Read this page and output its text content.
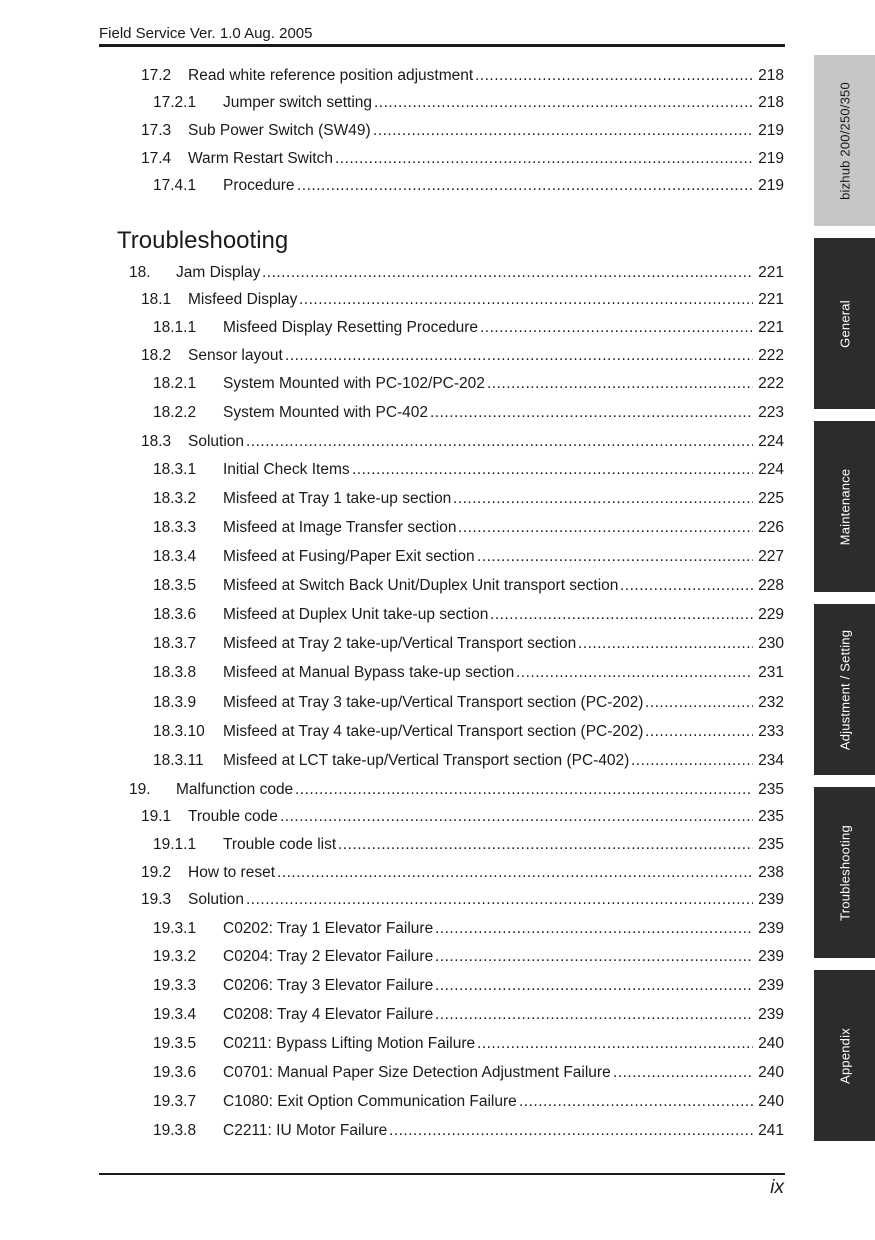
Field Service Ver. 1.0 Aug. 2005
17.2 Read white reference position adjustment .....	218
17.2.1 Jumper switch setting .....	218
17.3 Sub Power Switch (SW49) .....	219
17.4 Warm Restart Switch .....	219
17.4.1 Procedure .....	219
Troubleshooting
18. Jam Display .....	221
18.1 Misfeed Display .....	221
18.1.1 Misfeed Display Resetting Procedure .....	221
18.2 Sensor layout .....	222
18.2.1 System Mounted with PC-102/PC-202 .....	222
18.2.2 System Mounted with PC-402 .....	223
18.3 Solution .....	224
18.3.1 Initial Check Items .....	224
18.3.2 Misfeed at Tray 1 take-up section .....	225
18.3.3 Misfeed at Image Transfer section .....	226
18.3.4 Misfeed at Fusing/Paper Exit section .....	227
18.3.5 Misfeed at Switch Back Unit/Duplex Unit transport section .....	228
18.3.6 Misfeed at Duplex Unit take-up section .....	229
18.3.7 Misfeed at Tray 2 take-up/Vertical Transport section .....	230
18.3.8 Misfeed at Manual Bypass take-up section .....	231
18.3.9 Misfeed at Tray 3 take-up/Vertical Transport section (PC-202) .....	232
18.3.10 Misfeed at Tray 4 take-up/Vertical Transport section (PC-202) .....	233
18.3.11 Misfeed at LCT take-up/Vertical Transport section (PC-402) .....	234
19. Malfunction code .....	235
19.1 Trouble code .....	235
19.1.1 Trouble code list .....	235
19.2 How to reset .....	238
19.3 Solution .....	239
19.3.1 C0202: Tray 1 Elevator Failure .....	239
19.3.2 C0204: Tray 2 Elevator Failure .....	239
19.3.3 C0206: Tray 3 Elevator Failure .....	239
19.3.4 C0208: Tray 4 Elevator Failure .....	239
19.3.5 C0211: Bypass Lifting Motion Failure .....	240
19.3.6 C0701: Manual Paper Size Detection Adjustment Failure .....	240
19.3.7 C1080: Exit Option Communication Failure .....	240
19.3.8 C2211: IU Motor Failure .....	241
ix
bizhub 200/250/350
General
Maintenance
Adjustment / Setting
Troubleshooting
Appendix
